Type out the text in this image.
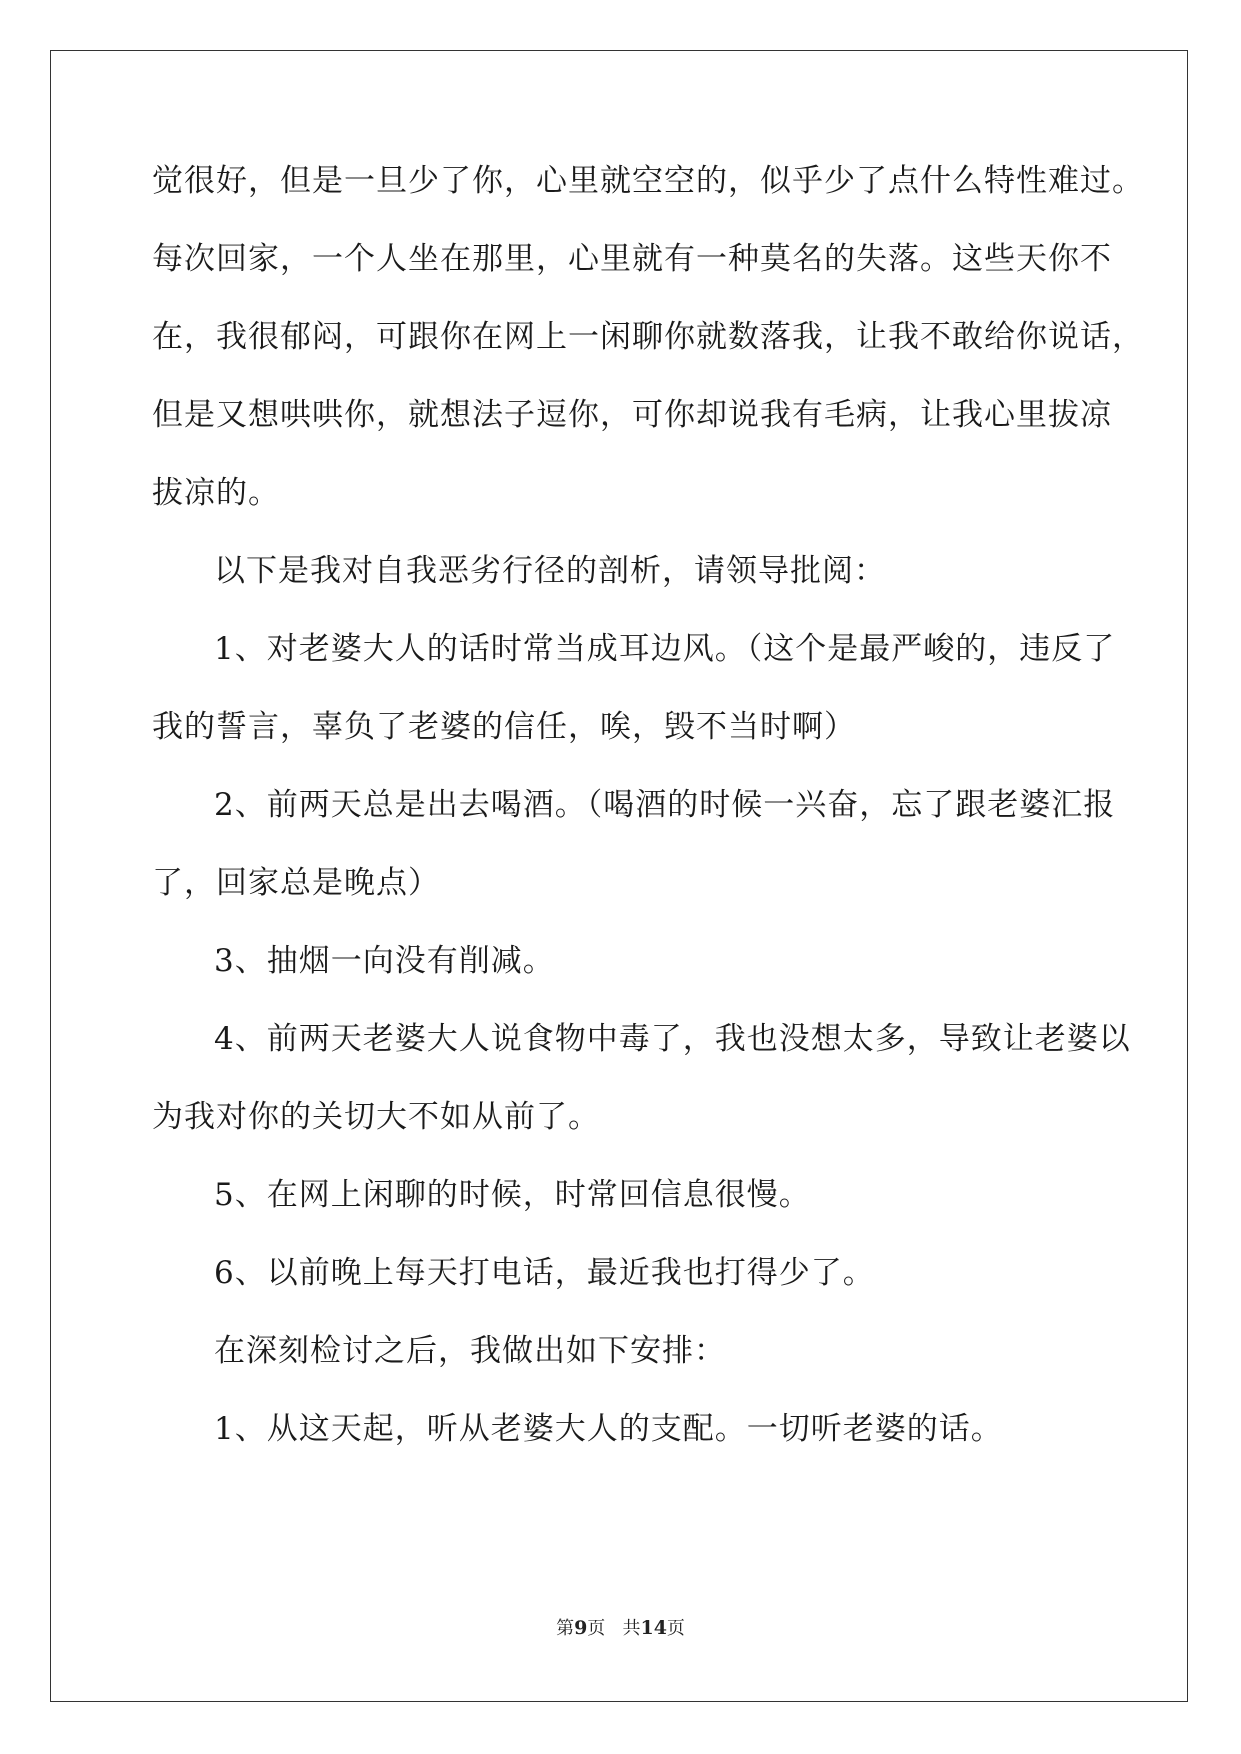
觉很好，但是一旦少了你，心里就空空的，似乎少了点什么特性难过。
每次回家，一个人坐在那里，心里就有一种莫名的失落。这些天你不
在，我很郁闷，可跟你在网上一闲聊你就数落我，让我不敢给你说话，
但是又想哄哄你，就想法子逗你，可你却说我有毛病，让我心里拔凉
拔凉的。
以下是我对自我恶劣行径的剖析，请领导批阅：
1、对老婆大人的话时常当成耳边风。（这个是最严峻的，违反了
我的誓言，辜负了老婆的信任，唉，毁不当时啊）
2、前两天总是出去喝酒。（喝酒的时候一兴奋，忘了跟老婆汇报
了，回家总是晚点）
3、抽烟一向没有削减。
4、前两天老婆大人说食物中毒了，我也没想太多，导致让老婆以
为我对你的关切大不如从前了。
5、在网上闲聊的时候，时常回信息很慢。
6、以前晚上每天打电话，最近我也打得少了。
在深刻检讨之后，我做出如下安排：
1、从这天起，听从老婆大人的支配。一切听老婆的话。
第9页 共14页
